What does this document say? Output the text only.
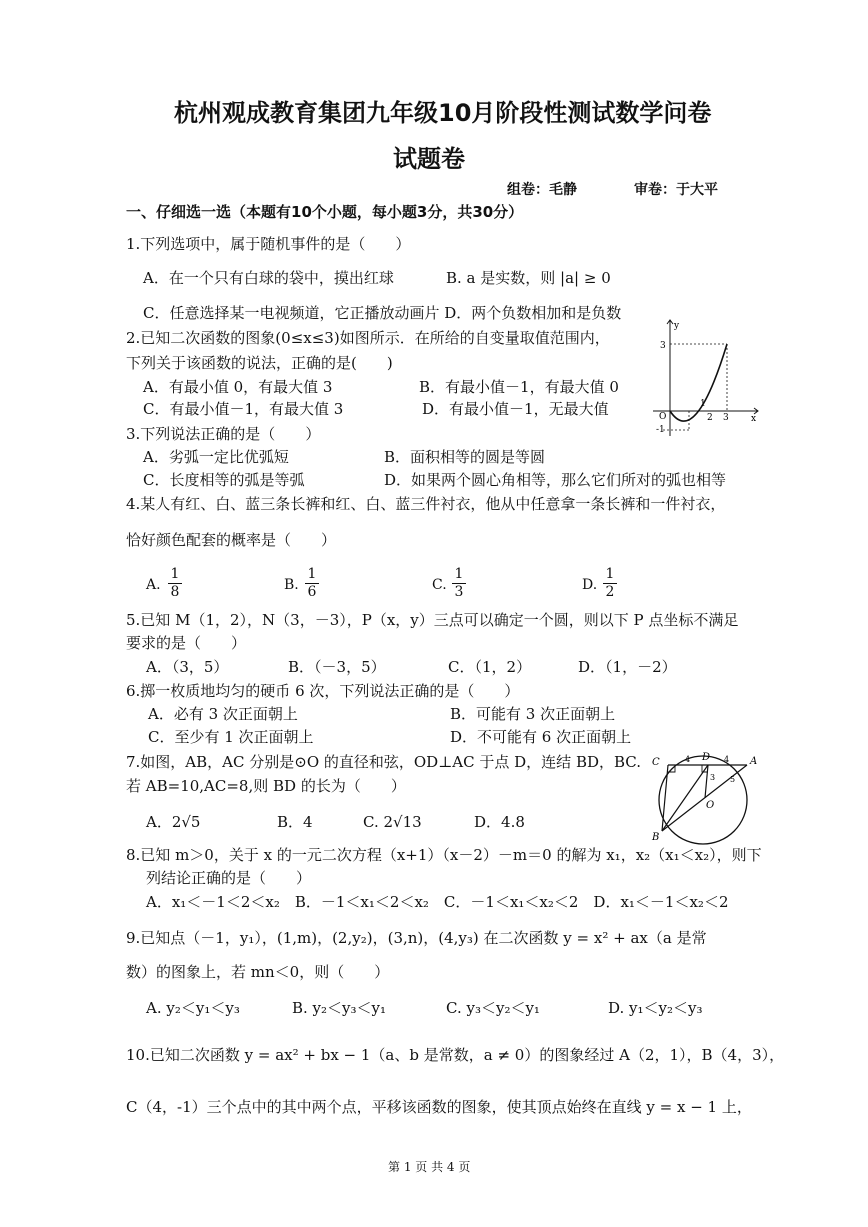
杭州观成教育集团九年级10月阶段性测试数学问卷
试题卷
组卷：毛静	审卷：于大平
一、仔细选一选（本题有10个小题，每小题3分，共30分）
1.下列选项中，属于随机事件的是（　　）
A．在一个只有白球的袋中，摸出红球	B. a 是实数，则 |a| ≥ 0
C．任意选择某一电视频道，它正播放动画片 D．两个负数相加和是负数
2.已知二次函数的图象(0≤x≤3)如图所示．在所给的自变量取值范围内，
下列关于该函数的说法，正确的是(　　)
A．有最小值 0，有最大值 3	B．有最小值－1，有最大值 0
C．有最小值－1，有最大值 3	D．有最小值－1，无最大值
y
x
3
O
-1
1
2 3
3.下列说法正确的是（　　）
A．劣弧一定比优弧短	B．面积相等的圆是等圆
C．长度相等的弧是等弧	D．如果两个圆心角相等，那么它们所对的弧也相等
4.某人有红、白、蓝三条长裤和红、白、蓝三件衬衣，他从中任意拿一条长裤和一件衬衣，
恰好颜色配套的概率是（　　）
A. $\frac{1}{8}$	B. $\frac{1}{6}$	C. $\frac{1}{3}$	D. $\frac{1}{2}$
5.已知 M（1，2），N（3，－3），P（x，y）三点可以确定一个圆，则以下 P 点坐标不满足
要求的是（　　）
A．（3，5）	B．（－3，5）	C．（1，2）	D．（1，－2）
6.掷一枚质地均匀的硬币 6 次，下列说法正确的是（　　）
A．必有 3 次正面朝上	B．可能有 3 次正面朝上
C．至少有 1 次正面朝上	D．不可能有 6 次正面朝上
7.如图，AB，AC 分别是⊙O 的直径和弦，OD⊥AC 于点 D，连结 BD，BC.
若 AB=10,AC=8,则 BD 的长为（　　）
A．2√5	B．4	C. 2√13	D．4.8
C	D	A
B
O
4	4
5
3
8.已知 m＞0，关于 x 的一元二次方程（x+1）（x－2）－m＝0 的解为 x₁，x₂（x₁＜x₂），则下
列结论正确的是（　　）
A．x₁＜－1＜2＜x₂　B．－1＜x₁＜2＜x₂　C．－1＜x₁＜x₂＜2　D．x₁＜－1＜x₂＜2
9.已知点（－1，y₁），(1,m)，(2,y₂)，(3,n)，(4,y₃) 在二次函数 y = x² + ax（a 是常
数）的图象上，若 mn＜0，则（　　）
A. y₂＜y₁＜y₃	B. y₂＜y₃＜y₁	C. y₃＜y₂＜y₁	D. y₁＜y₂＜y₃
10.已知二次函数 y = ax² + bx − 1（a、b 是常数，a ≠ 0）的图象经过 A（2，1），B（4，3），
C（4，-1）三个点中的其中两个点，平移该函数的图象，使其顶点始终在直线 y = x − 1 上，
第 1 页 共 4 页
